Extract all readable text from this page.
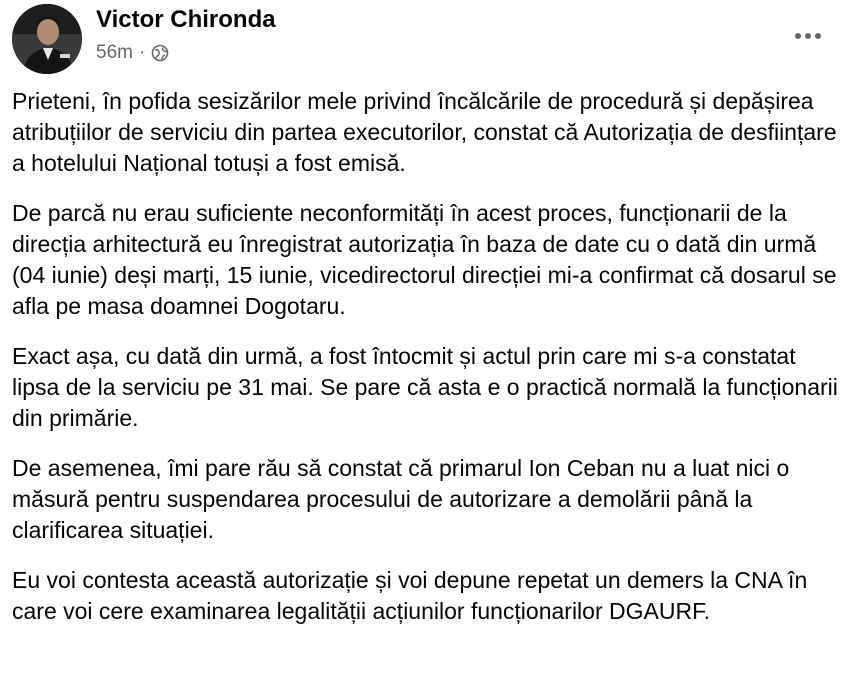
Victor Chironda
56m ·

Prieteni, în pofida sesizărilor mele privind încălcările de procedură și depășirea atribuțiilor de serviciu din partea executorilor, constat că Autorizația de desființare a hotelului Național totuși a fost emisă.

De parcă nu erau suficiente neconformități în acest proces, funcționarii de la direcția arhitectură eu înregistrat autorizația în baza de date cu o dată din urmă (04 iunie) deși marți, 15 iunie, vicedirectorul direcției mi-a confirmat că dosarul se afla pe masa doamnei Dogotaru.

Exact așa, cu dată din urmă, a fost întocmit și actul prin care mi s-a constatat lipsa de la serviciu pe 31 mai. Se pare că asta e o practică normală la funcționarii din primărie.

De asemenea, îmi pare rău să constat că primarul Ion Ceban nu a luat nici o măsură pentru suspendarea procesului de autorizare a demolării până la clarificarea situației.

Eu voi contesta această autorizație și voi depune repetat un demers la CNA în care voi cere examinarea legalității acțiunilor funcționarilor DGAURF.
